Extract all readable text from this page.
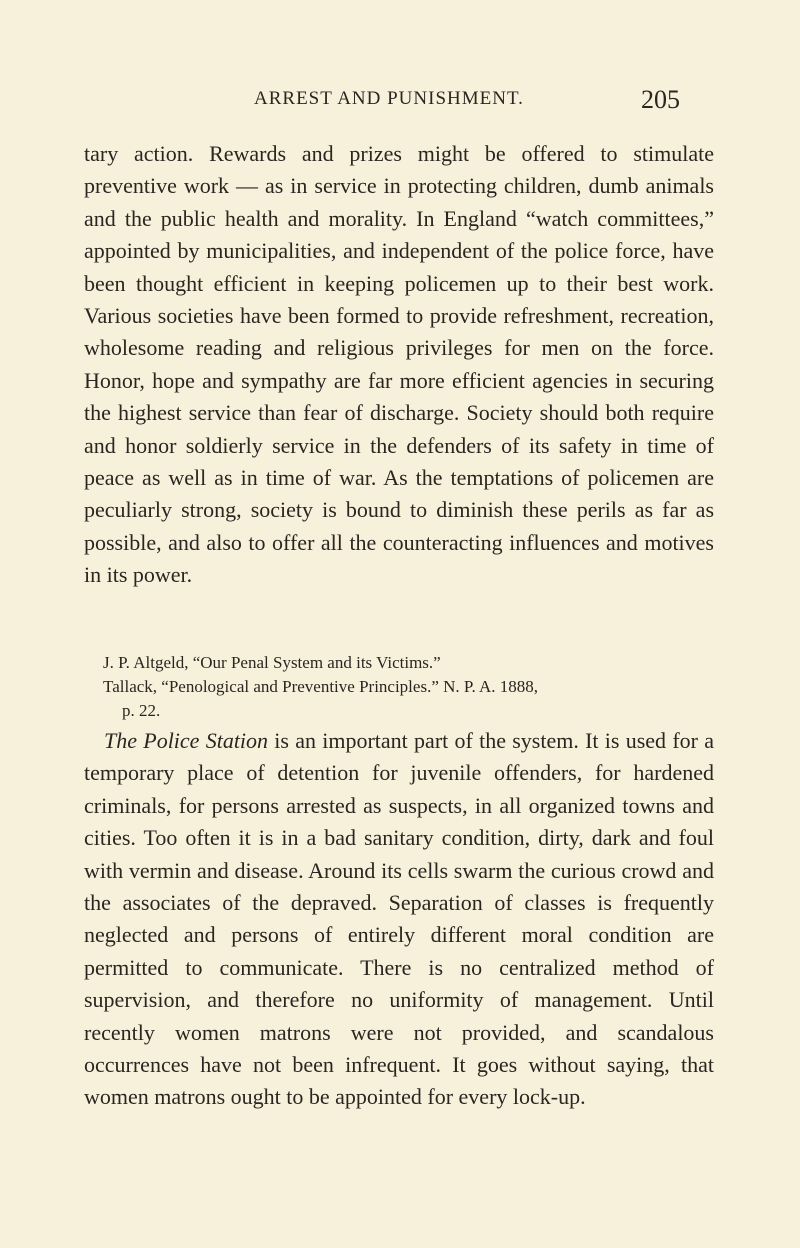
ARREST AND PUNISHMENT.	205

tary action. Rewards and prizes might be offered to stimulate preventive work — as in service in protecting children, dumb animals and the public health and morality. In England “watch committees,” appointed by municipalities, and independent of the police force, have been thought efficient in keeping policemen up to their best work. Various societies have been formed to provide refreshment, recreation, wholesome reading and religious privileges for men on the force. Honor, hope and sympathy are far more efficient agencies in securing the highest service than fear of discharge. Society should both require and honor soldierly service in the defenders of its safety in time of peace as well as in time of war. As the temptations of policemen are peculiarly strong, society is bound to diminish these perils as far as possible, and also to offer all the counteracting influences and motives in its power.

J. P. Altgeld, “Our Penal System and its Victims.”

Tallack, “Penological and Preventive Principles.” N. P. A. 1888,

p. 22.

The Police Station is an important part of the system. It is used for a temporary place of detention for juvenile offenders, for hardened criminals, for persons arrested as suspects, in all organized towns and cities. Too often it is in a bad sanitary condition, dirty, dark and foul with vermin and disease. Around its cells swarm the curious crowd and the associates of the depraved. Separation of classes is frequently neglected and persons of entirely different moral condition are permitted to communicate. There is no centralized method of supervision, and therefore no uniformity of management. Until recently women matrons were not provided, and scandalous occurrences have not been infrequent. It goes without saying, that women matrons ought to be appointed for every lock-up.
